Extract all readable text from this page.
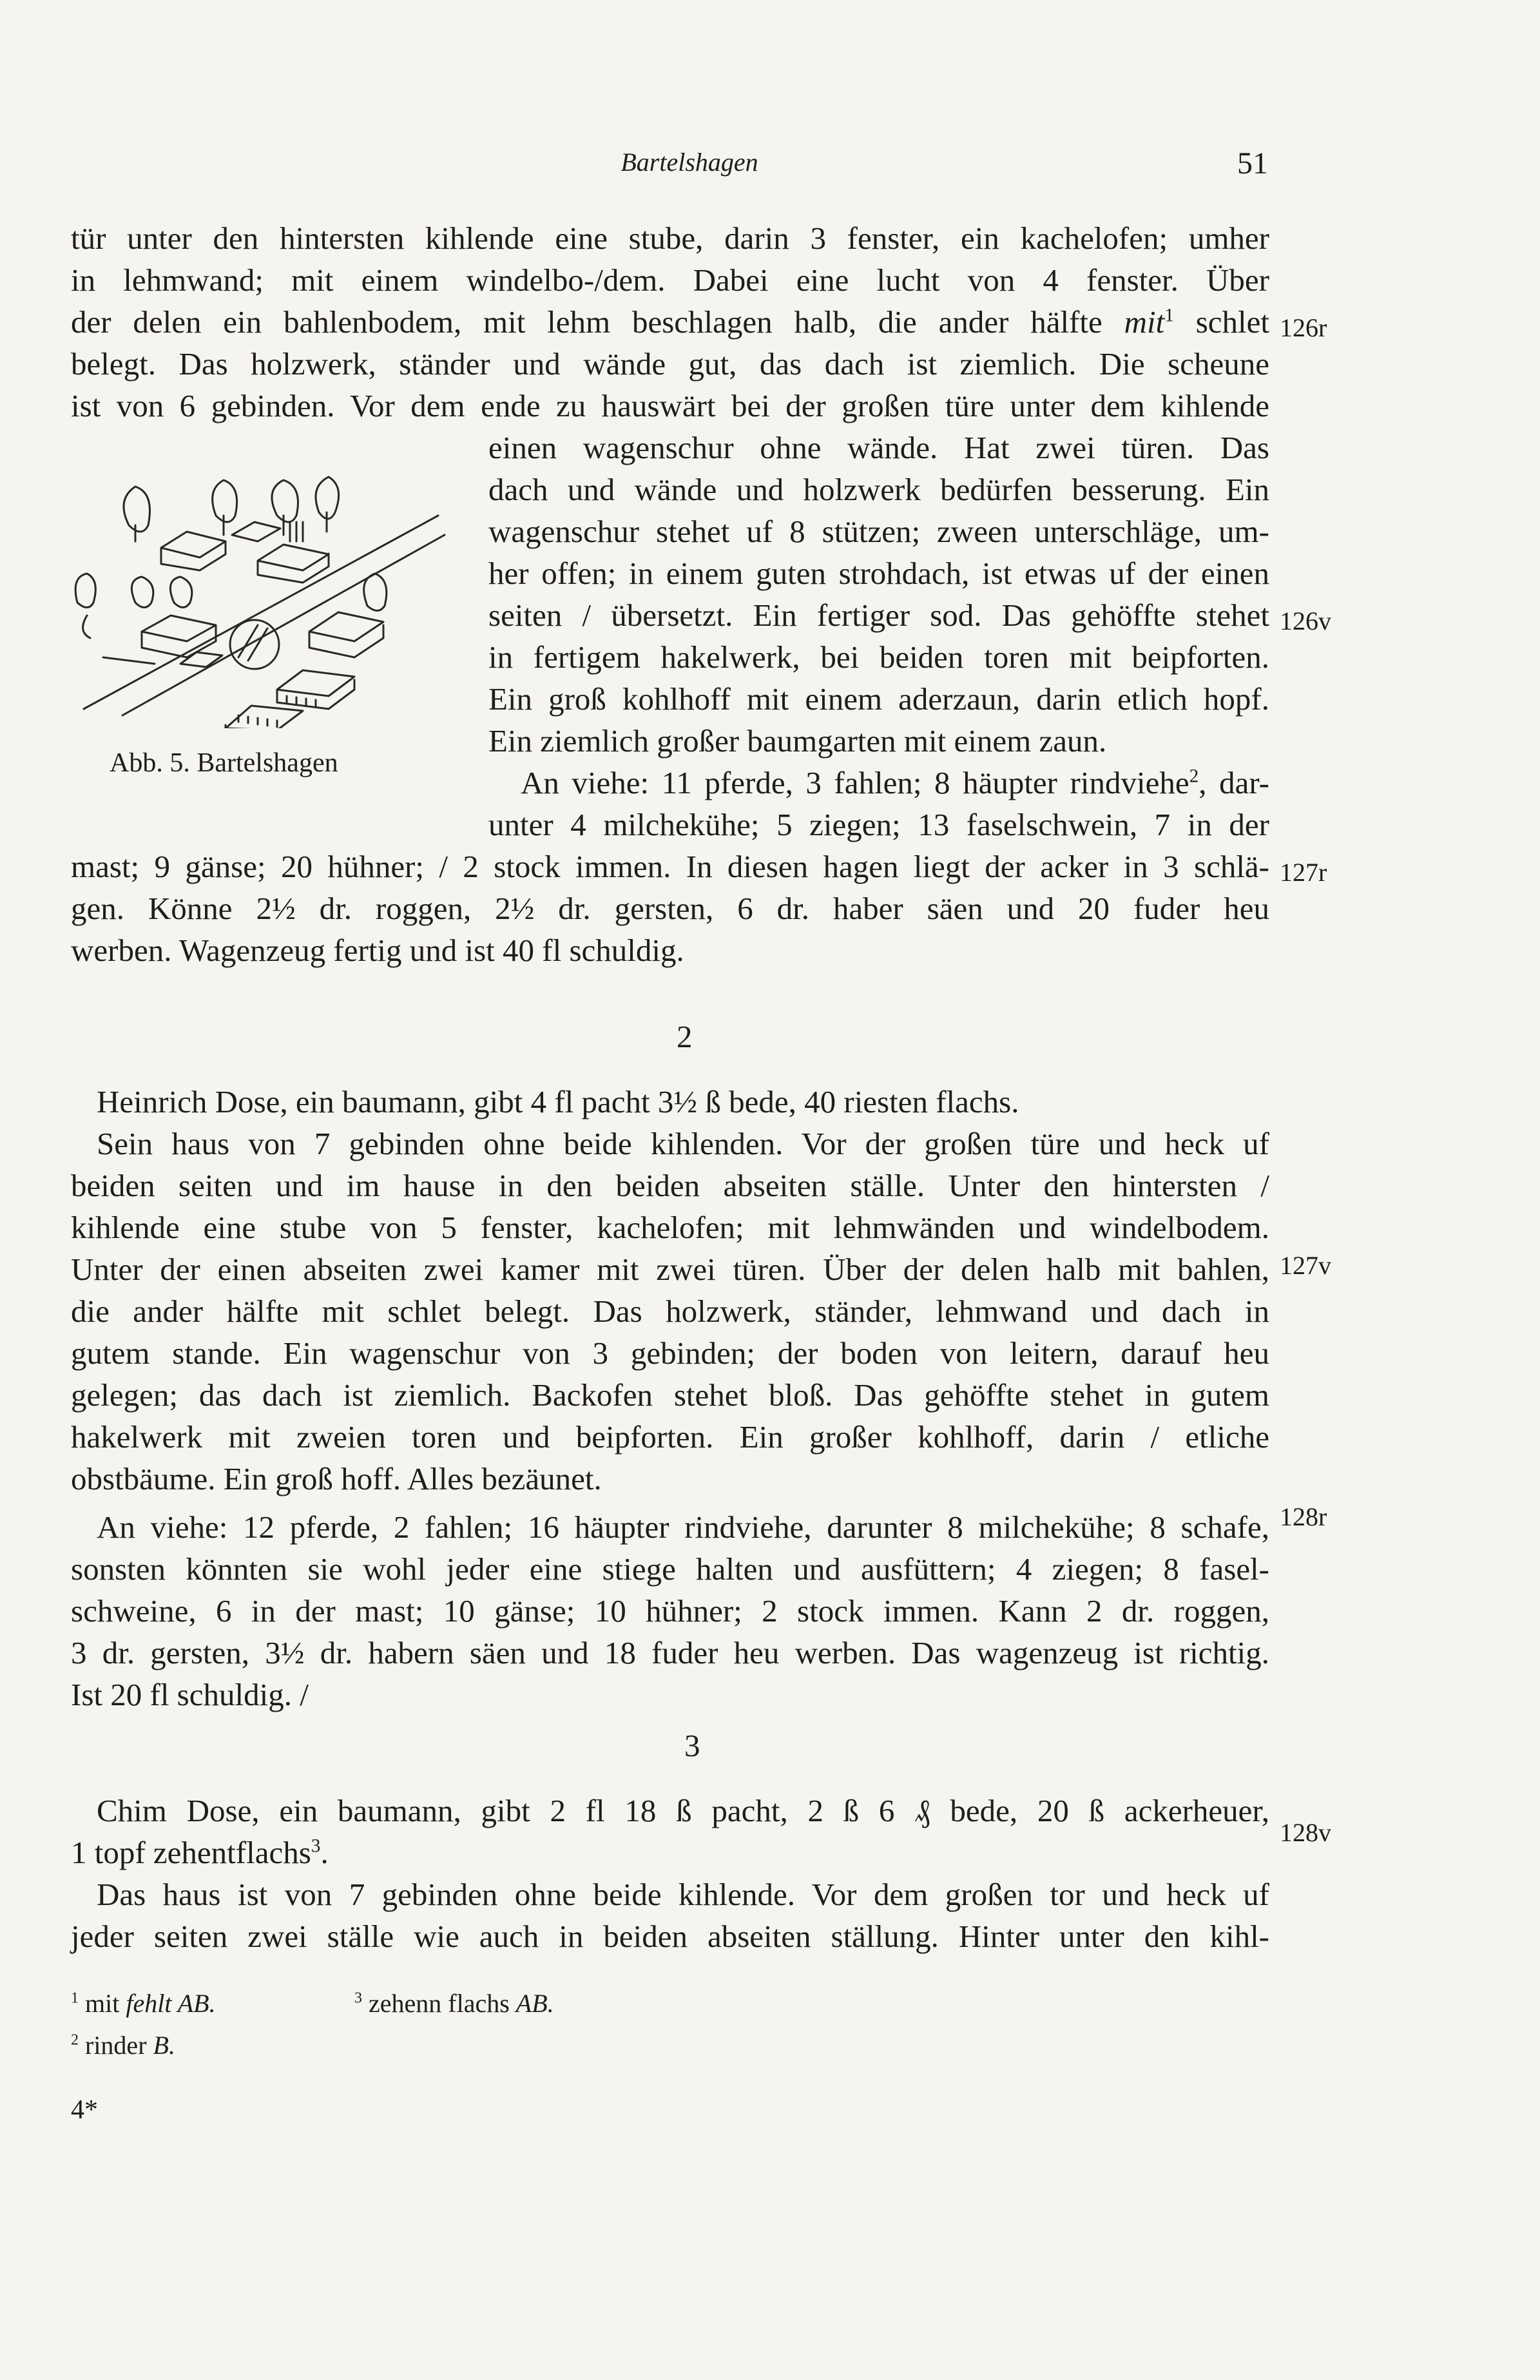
Bartelshagen	51
tür unter den hintersten kihlende eine stube, darin 3 fenster, ein kachelofen; umher
in lehmwand; mit einem windelbo-/dem. Dabei eine lucht von 4 fenster. Über
der delen ein bahlenbodem, mit lehm beschlagen halb, die ander hälfte mit$^1$ schlet
belegt. Das holzwerk, ständer und wände gut, das dach ist ziemlich. Die scheune
ist von 6 gebinden. Vor dem ende zu hauswärt bei der großen türe unter dem kihlende
einen wagenschur ohne wände. Hat zwei türen. Das
dach und wände und holzwerk bedürfen besserung. Ein
wagenschur stehet uf 8 stützen; zween unterschläge, um-
her offen; in einem guten strohdach, ist etwas uf der einen
seiten / übersetzt. Ein fertiger sod. Das gehöffte stehet
in fertigem hakelwerk, bei beiden toren mit beipforten.
Ein groß kohlhoff mit einem aderzaun, darin etlich hopf.
Ein ziemlich großer baumgarten mit einem zaun.
An viehe: 11 pferde, 3 fahlen; 8 häupter rindviehe$^2$, dar-
unter 4 milchekühe; 5 ziegen; 13 faselschwein, 7 in der
mast; 9 gänse; 20 hühner; / 2 stock immen. In diesen hagen liegt der acker in 3 schlä-
gen. Könne 2½ dr. roggen, 2½ dr. gersten, 6 dr. haber säen und 20 fuder heu
werben. Wagenzeug fertig und ist 40 fl schuldig.
Abb. 5. Bartelshagen
126r
126v
127r
127v
128r
128v
2
Heinrich Dose, ein baumann, gibt 4 fl pacht 3½ ß bede, 40 riesten flachs.
Sein haus von 7 gebinden ohne beide kihlenden. Vor der großen türe und heck uf
beiden seiten und im hause in den beiden abseiten ställe. Unter den hintersten /
kihlende eine stube von 5 fenster, kachelofen; mit lehmwänden und windelbodem.
Unter der einen abseiten zwei kamer mit zwei türen. Über der delen halb mit bahlen,
die ander hälfte mit schlet belegt. Das holzwerk, ständer, lehmwand und dach in
gutem stande. Ein wagenschur von 3 gebinden; der boden von leitern, darauf heu
gelegen; das dach ist ziemlich. Backofen stehet bloß. Das gehöffte stehet in gutem
hakelwerk mit zweien toren und beipforten. Ein großer kohlhoff, darin / etliche
obstbäume. Ein groß hoff. Alles bezäunet.
An viehe: 12 pferde, 2 fahlen; 16 häupter rindviehe, darunter 8 milchekühe; 8 schafe,
sonsten könnten sie wohl jeder eine stiege halten und ausfüttern; 4 ziegen; 8 fasel-
schweine, 6 in der mast; 10 gänse; 10 hühner; 2 stock immen. Kann 2 dr. roggen,
3 dr. gersten, 3½ dr. habern säen und 18 fuder heu werben. Das wagenzeug ist richtig.
Ist 20 fl schuldig. /
3
Chim Dose, ein baumann, gibt 2 fl 18 ß pacht, 2 ß 6 ₰ bede, 20 ß ackerheuer,
1 topf zehentflachs$^3$.
Das haus ist von 7 gebinden ohne beide kihlende. Vor dem großen tor und heck uf
jeder seiten zwei ställe wie auch in beiden abseiten ställung. Hinter unter den kihl-
$^1$ mit fehlt AB.
$^2$ rinder B.
$^3$ zehenn flachs AB.
4*
